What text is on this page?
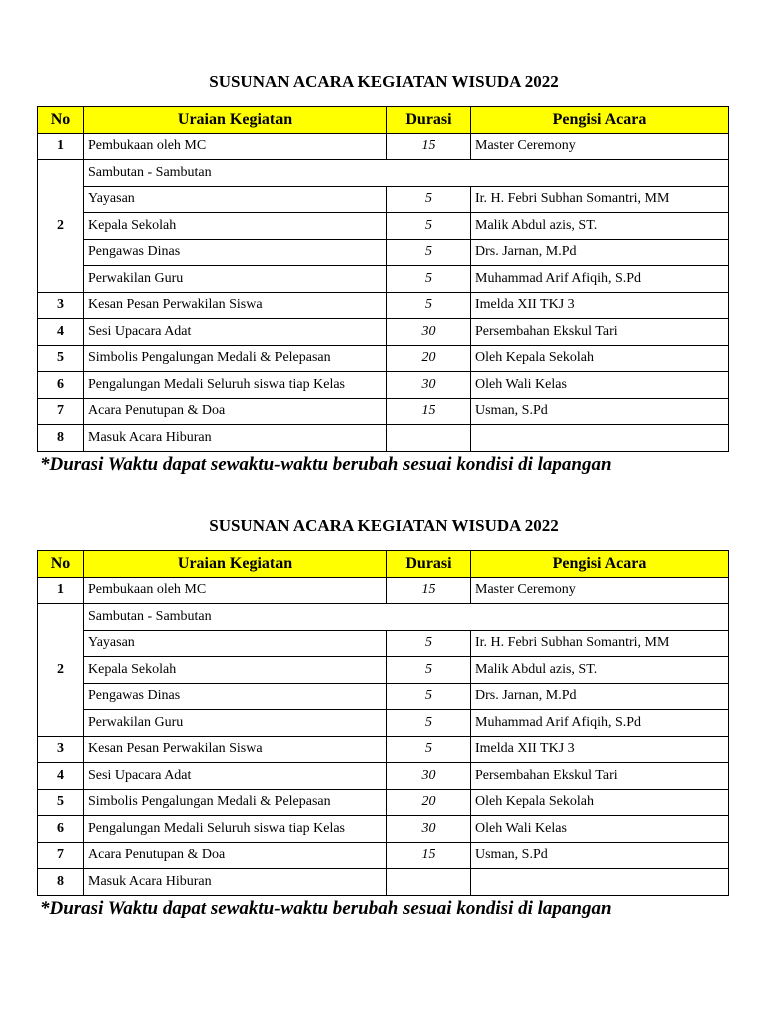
SUSUNAN ACARA KEGIATAN WISUDA 2022
No	Uraian Kegiatan	Durasi	Pengisi Acara
1	Pembukaan oleh MC	15	Master Ceremony
2	Sambutan - Sambutan		
	Yayasan	5	Ir. H. Febri Subhan Somantri, MM
	Kepala Sekolah	5	Malik Abdul azis, ST.
	Pengawas Dinas	5	Drs. Jarnan, M.Pd
	Perwakilan Guru	5	Muhammad Arif Afiqih, S.Pd
3	Kesan Pesan Perwakilan Siswa	5	Imelda XII TKJ 3
4	Sesi Upacara Adat	30	Persembahan Ekskul Tari
5	Simbolis Pengalungan Medali & Pelepasan	20	Oleh Kepala Sekolah
6	Pengalungan Medali Seluruh siswa tiap Kelas	30	Oleh Wali Kelas
7	Acara Penutupan & Doa	15	Usman, S.Pd
8	Masuk Acara Hiburan		
*Durasi Waktu dapat sewaktu-waktu berubah sesuai kondisi di lapangan
SUSUNAN ACARA KEGIATAN WISUDA 2022
No	Uraian Kegiatan	Durasi	Pengisi Acara
1	Pembukaan oleh MC	15	Master Ceremony
2	Sambutan - Sambutan		
	Yayasan	5	Ir. H. Febri Subhan Somantri, MM
	Kepala Sekolah	5	Malik Abdul azis, ST.
	Pengawas Dinas	5	Drs. Jarnan, M.Pd
	Perwakilan Guru	5	Muhammad Arif Afiqih, S.Pd
3	Kesan Pesan Perwakilan Siswa	5	Imelda XII TKJ 3
4	Sesi Upacara Adat	30	Persembahan Ekskul Tari
5	Simbolis Pengalungan Medali & Pelepasan	20	Oleh Kepala Sekolah
6	Pengalungan Medali Seluruh siswa tiap Kelas	30	Oleh Wali Kelas
7	Acara Penutupan & Doa	15	Usman, S.Pd
8	Masuk Acara Hiburan		
*Durasi Waktu dapat sewaktu-waktu berubah sesuai kondisi di lapangan
